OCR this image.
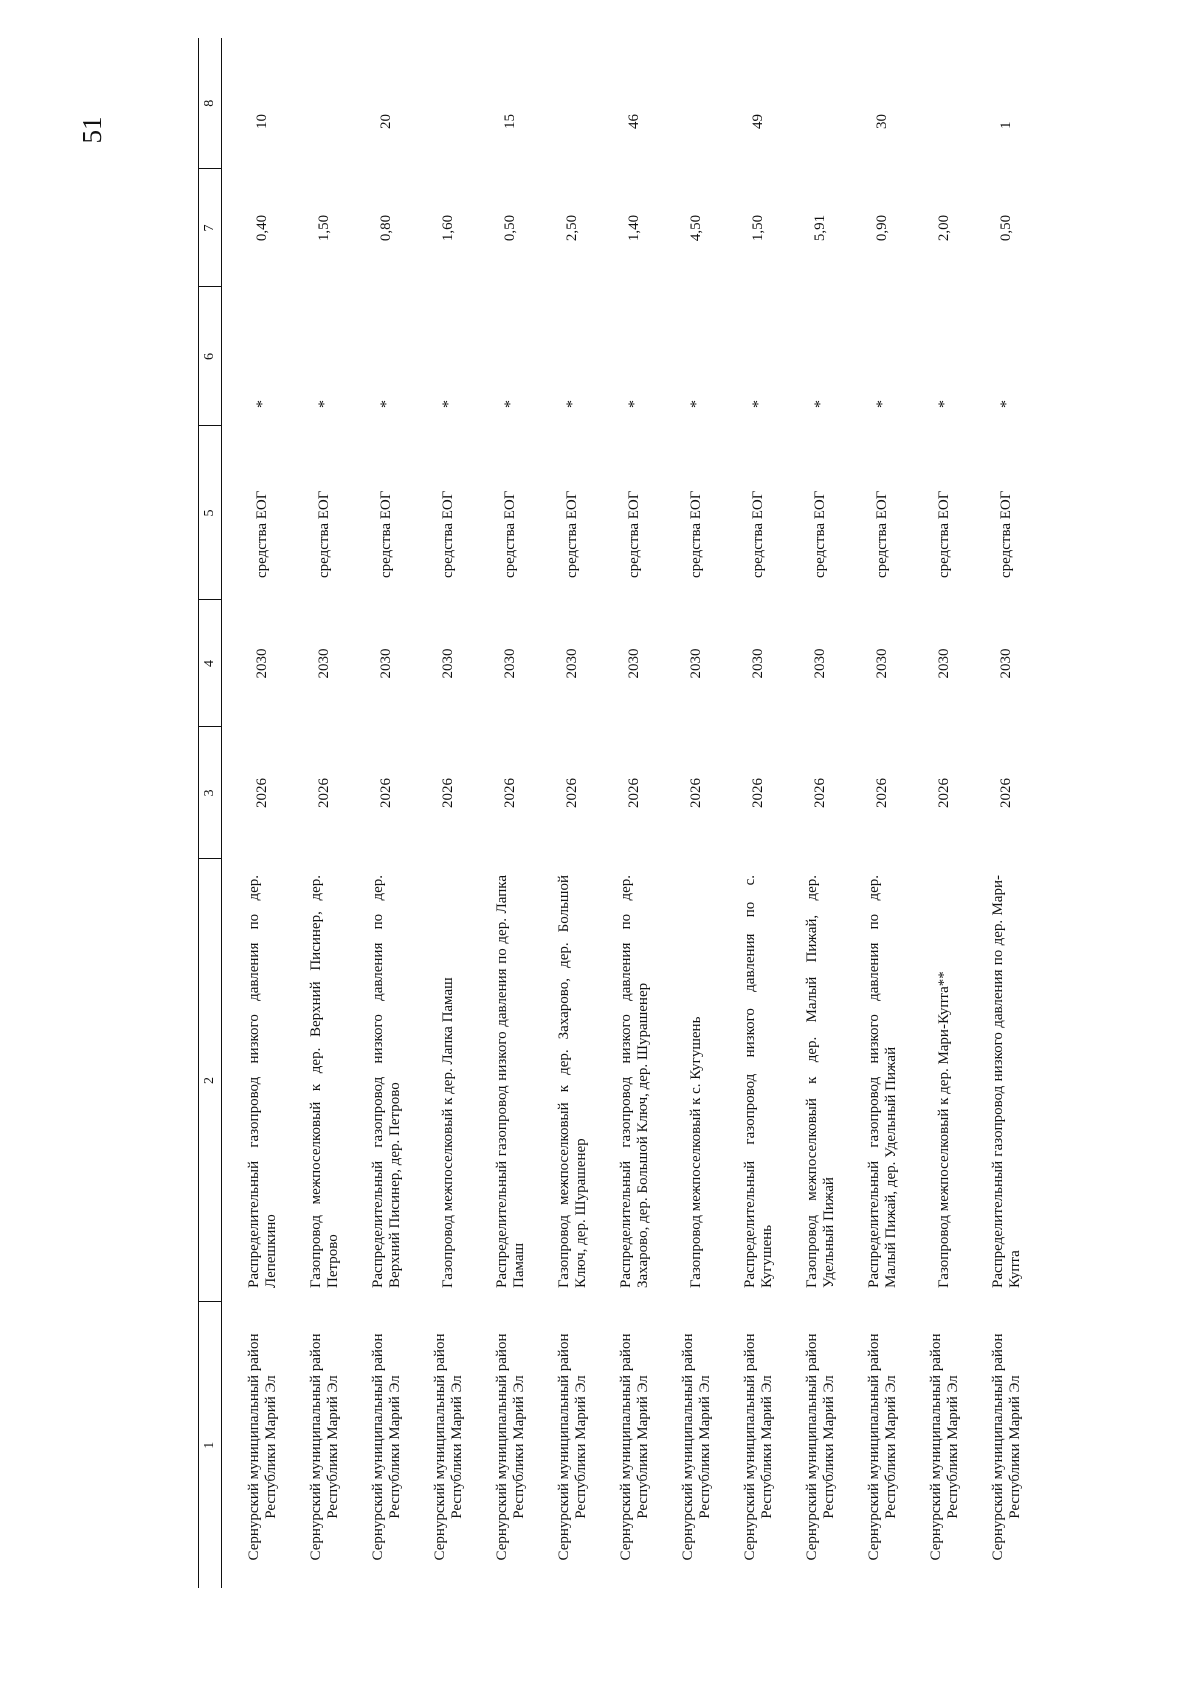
51
1	2	3	4	5	6	7	8
Сернурский муниципальный район Республики Марий Эл	Распределительный газопровод низкого давления по дер. Лепешкино	2026	2030	средства ЕОГ	*	0,40	10
Сернурский муниципальный район Республики Марий Эл	Газопровод межпоселковый к дер. Верхний Писинер, дер. Петрово	2026	2030	средства ЕОГ	*	1,50	
Сернурский муниципальный район Республики Марий Эл	Распределительный газопровод низкого давления по дер. Верхний Писинер, дер. Петрово	2026	2030	средства ЕОГ	*	0,80	20
Сернурский муниципальный район Республики Марий Эл	Газопровод межпоселковый к дер. Лапка Памаш	2026	2030	средства ЕОГ	*	1,60	
Сернурский муниципальный район Республики Марий Эл	Распределительный газопровод низкого давления по дер. Лапка Памаш	2026	2030	средства ЕОГ	*	0,50	15
Сернурский муниципальный район Республики Марий Эл	Газопровод межпоселковый к дер. Захарово, дер. Большой Ключ, дер. Шурашенер	2026	2030	средства ЕОГ	*	2,50	
Сернурский муниципальный район Республики Марий Эл	Распределительный газопровод низкого давления по дер. Захарово, дер. Большой Ключ, дер. Шурашенер	2026	2030	средства ЕОГ	*	1,40	46
Сернурский муниципальный район Республики Марий Эл	Газопровод межпоселковый к с. Кугушень	2026	2030	средства ЕОГ	*	4,50	
Сернурский муниципальный район Республики Марий Эл	Распределительный газопровод низкого давления по с. Кугушень	2026	2030	средства ЕОГ	*	1,50	49
Сернурский муниципальный район Республики Марий Эл	Газопровод межпоселковый к дер. Малый Пижай, дер. Удельный Пижай	2026	2030	средства ЕОГ	*	5,91	
Сернурский муниципальный район Республики Марий Эл	Распределительный газопровод низкого давления по дер. Малый Пижай, дер. Удельный Пижай	2026	2030	средства ЕОГ	*	0,90	30
Сернурский муниципальный район Республики Марий Эл	Газопровод межпоселковый к дер. Мари-Купта**	2026	2030	средства ЕОГ	*	2,00	
Сернурский муниципальный район Республики Марий Эл	Распределительный газопровод низкого давления по дер. Мари-Купта	2026	2030	средства ЕОГ	*	0,50	1
